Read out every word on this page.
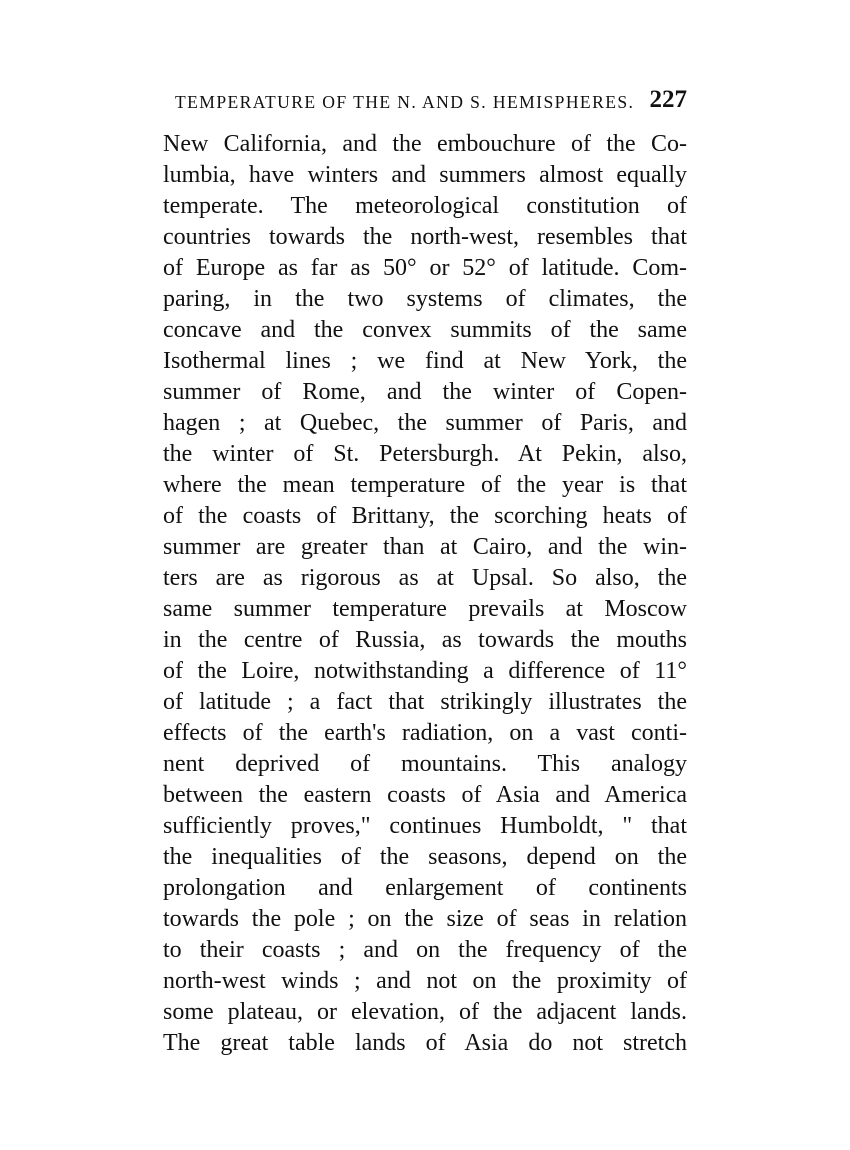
TEMPERATURE OF THE N. AND S. HEMISPHERES. 227
New California, and the embouchure of the Co-
lumbia, have winters and summers almost equally
temperate. The meteorological constitution of
countries towards the north-west, resembles that
of Europe as far as 50° or 52° of latitude. Com-
paring, in the two systems of climates, the
concave and the convex summits of the same
Isothermal lines ; we find at New York, the
summer of Rome, and the winter of Copen-
hagen ; at Quebec, the summer of Paris, and
the winter of St. Petersburgh. At Pekin, also,
where the mean temperature of the year is that
of the coasts of Brittany, the scorching heats of
summer are greater than at Cairo, and the win-
ters are as rigorous as at Upsal. So also, the
same summer temperature prevails at Moscow
in the centre of Russia, as towards the mouths
of the Loire, notwithstanding a difference of 11°
of latitude ; a fact that strikingly illustrates the
effects of the earth's radiation, on a vast conti-
nent deprived of mountains. This analogy
between the eastern coasts of Asia and America
sufficiently proves," continues Humboldt, " that
the inequalities of the seasons, depend on the
prolongation and enlargement of continents
towards the pole ; on the size of seas in relation
to their coasts ; and on the frequency of the
north-west winds ; and not on the proximity of
some plateau, or elevation, of the adjacent lands.
The great table lands of Asia do not stretch
